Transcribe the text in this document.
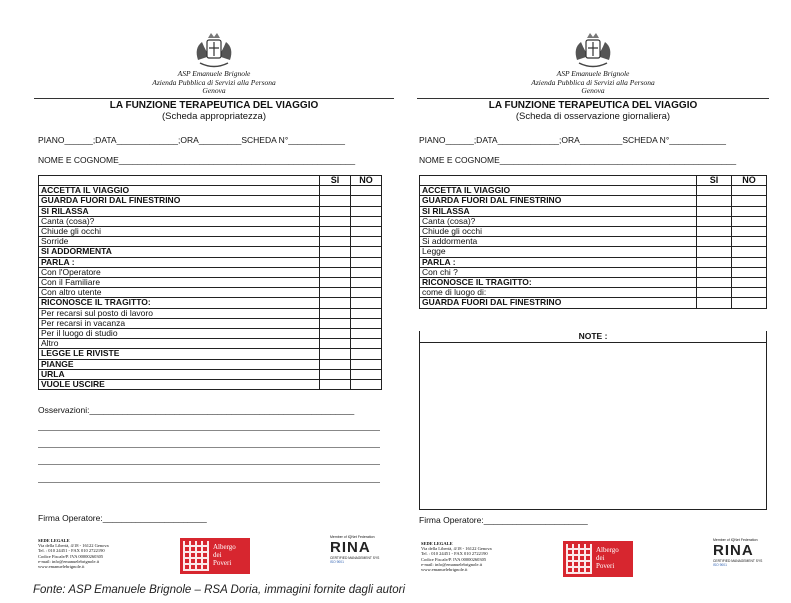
ASP Emanuele Brignole
Azienda Pubblica di Servizi alla Persona
Genova
LA FUNZIONE TERAPEUTICA DEL VIAGGIO
(Scheda appropriatezza)
PIANO______;DATA_____________;ORA_________SCHEDA N°____________
NOME E COGNOME__________________________________________________
	SI	NO
ACCETTA IL VIAGGIO		
GUARDA FUORI DAL FINESTRINO		
SI RILASSA		
Canta (cosa)?		
Chiude gli occhi		
Sorride		
SI ADDORMENTA		
PARLA :		
Con l'Operatore		
Con il Familiare		
Con altro utente		
RICONOSCE IL TRAGITTO:		
Per recarsi sul posto di lavoro		
Per recarsi in vacanza		
Per il luogo di studio		
Altro		
LEGGE LE RIVISTE		
PIANGE		
URLA		
VUOLE USCIRE		
Osservazioni:________________________________________________________
Firma Operatore:______________________
SEDE LEGALE
Via della Libertà, 4/18 - 16122 Genova
Tel. : 010 24451 - FAX 010 2722190
Codice Fiscale/P. IVA 00000260305
e-mail: info@emanuelebrignole.it
www.emanuelebrignole.it
Albergo
dei
Poveri
Member of IQNet Federation
RINA
CERTIFIED MANAGEMENT SYS
ISO 9001
ASP Emanuele Brignole
Azienda Pubblica di Servizi alla Persona
Genova
LA FUNZIONE TERAPEUTICA DEL VIAGGIO
(Scheda di osservazione giornaliera)
PIANO______;DATA_____________;ORA_________SCHEDA N°____________
NOME E COGNOME__________________________________________________
	SI	NO
ACCETTA IL VIAGGIO		
GUARDA FUORI DAL FINESTRINO		
SI RILASSA		
Canta (cosa)?		
Chiude gli occhi		
Si addormenta		
Legge		
PARLA :		
Con chi ?		
RICONOSCE IL TRAGITTO:		
come di luogo di:		
GUARDA FUORI DAL FINESTRINO		
NOTE :
Firma Operatore:______________________
SEDE LEGALE
Via della Libertà, 4/18 - 16122 Genova
Tel. : 010 24451 - FAX 010 2722190
Codice Fiscale/P. IVA 00000260305
e-mail: info@emanuelebrignole.it
www.emanuelebrignole.it
Albergo
dei
Poveri
Member of IQNet Federation
RINA
CERTIFIED MANAGEMENT SYS
ISO 9001
Fonte: ASP Emanuele Brignole – RSA Doria, immagini fornite dagli autori
